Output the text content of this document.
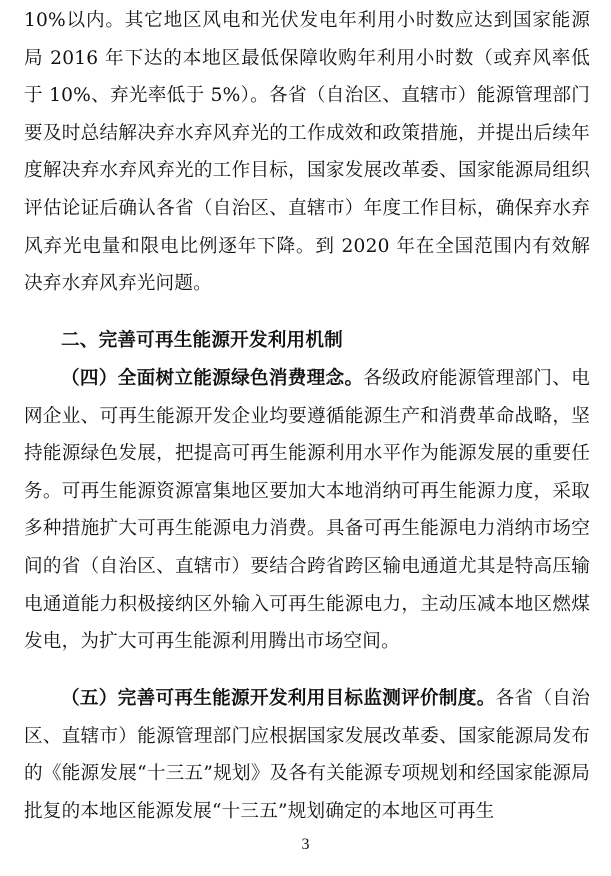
10%以内。其它地区风电和光伏发电年利用小时数应达到国家能源局 2016 年下达的本地区最低保障收购年利用小时数（或弃风率低于 10%、弃光率低于 5%）。各省（自治区、直辖市）能源管理部门要及时总结解决弃水弃风弃光的工作成效和政策措施，并提出后续年度解决弃水弃风弃光的工作目标，国家发展改革委、国家能源局组织评估论证后确认各省（自治区、直辖市）年度工作目标，确保弃水弃风弃光电量和限电比例逐年下降。到 2020 年在全国范围内有效解决弃水弃风弃光问题。

二、完善可再生能源开发利用机制

（四）全面树立能源绿色消费理念。各级政府能源管理部门、电网企业、可再生能源开发企业均要遵循能源生产和消费革命战略，坚持能源绿色发展，把提高可再生能源利用水平作为能源发展的重要任务。可再生能源资源富集地区要加大本地消纳可再生能源力度，采取多种措施扩大可再生能源电力消费。具备可再生能源电力消纳市场空间的省（自治区、直辖市）要结合跨省跨区输电通道尤其是特高压输电通道能力积极接纳区外输入可再生能源电力，主动压减本地区燃煤发电，为扩大可再生能源利用腾出市场空间。

（五）完善可再生能源开发利用目标监测评价制度。各省（自治区、直辖市）能源管理部门应根据国家发展改革委、国家能源局发布的《能源发展“十三五”规划》及各有关能源专项规划和经国家能源局批复的本地区能源发展“十三五”规划确定的本地区可再生

3
